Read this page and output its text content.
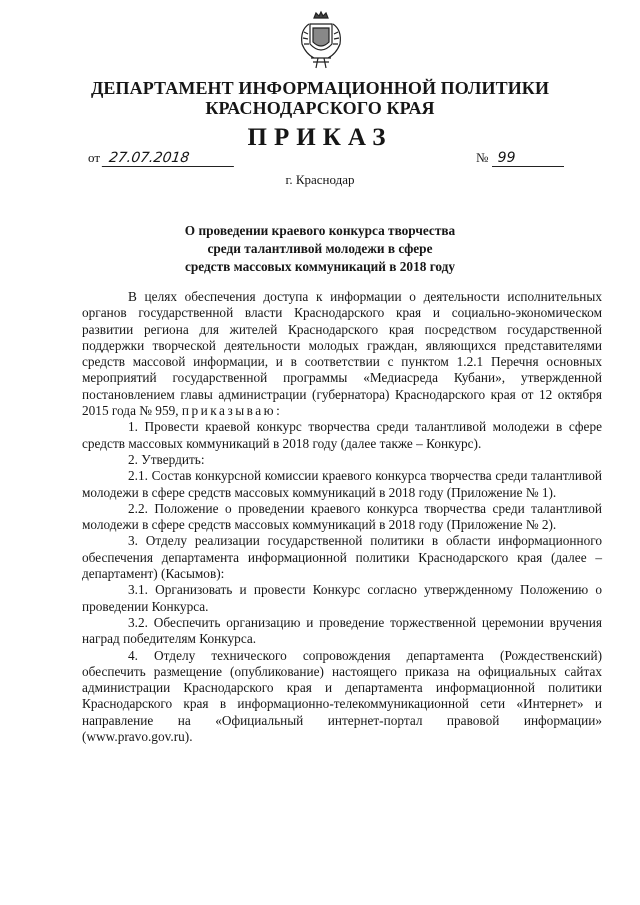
ДЕПАРТАМЕНТ ИНФОРМАЦИОННОЙ ПОЛИТИКИ
КРАСНОДАРСКОГО КРАЯ
ПРИКАЗ
от 27.07.2018	№ 99
г. Краснодар
О проведении краевого конкурса творчества
среди талантливой молодежи в сфере
средств массовых коммуникаций в 2018 году

В целях обеспечения доступа к информации о деятельности исполнительных органов государственной власти Краснодарского края и социально-экономическом развитии региона для жителей Краснодарского края посредством государственной поддержки творческой деятельности молодых граждан, являющихся представителями средств массовой информации, и в соответствии с пунктом 1.2.1 Перечня основных мероприятий государственной программы «Медиасреда Кубани», утвержденной постановлением главы администрации (губернатора) Краснодарского края от 12 октября 2015 года № 959, приказываю:

1. Провести краевой конкурс творчества среди талантливой молодежи в сфере средств массовых коммуникаций в 2018 году (далее также – Конкурс).

2. Утвердить:

2.1. Состав конкурсной комиссии краевого конкурса творчества среди талантливой молодежи в сфере средств массовых коммуникаций в 2018 году (Приложение № 1).

2.2. Положение о проведении краевого конкурса творчества среди талантливой молодежи в сфере средств массовых коммуникаций в 2018 году (Приложение № 2).

3. Отделу реализации государственной политики в области информационного обеспечения департамента информационной политики Краснодарского края (далее – департамент) (Касымов):

3.1. Организовать и провести Конкурс согласно утвержденному Положению о проведении Конкурса.

3.2. Обеспечить организацию и проведение торжественной церемонии вручения наград победителям Конкурса.

4. Отделу технического сопровождения департамента (Рождественский) обеспечить размещение (опубликование) настоящего приказа на официальных сайтах администрации Краснодарского края и департамента информационной политики Краснодарского края в информационно-телекоммуникационной сети «Интернет» и направление на «Официальный интернет-портал правовой информации» (www.pravo.gov.ru).
